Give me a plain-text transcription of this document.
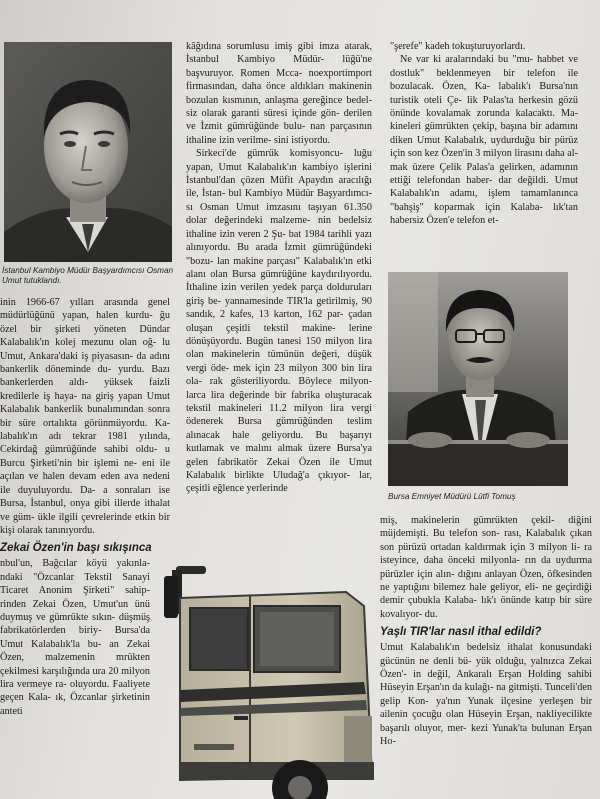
İstanbul Kambiyo Müdür Başyardımcısı Osman Umut tutuklandı.

inin 1966-67 yılları arasında genel müdürlüğünü yapan, halen kurdu- ğu özel bir şirketi yöneten Dündar Kalabalık'ın kolej mezunu olan oğ- lu Umut, Ankara'daki iş piyasasın- da adını bankerlik döneminde du- yurdu. Bazı bankerlerden aldı- yüksek faizli kredilerle iş haya- na giriş yapan Umut Kalabalık bankerlik bunalımından sonra bir süre ortalıkta görünmüyordu. Ka- labalık'ın adı tekrar 1981 yılında, Cekirdağ gümrüğünde sahibi oldu- u Burcu Şirketi'nin bir işlemi ne- eni ile açılan ve halen devam eden ava nedeni ile duyuluyordu. Da- a sonraları ise Bursa, İstanbul, onya gibi illerde ithalat ve güm- ükle ilgili çevrelerinde etkin bir kişi olarak tanınıyordu.

Zekai Özen'in başı sıkışınca

nbul'un, Bağcılar köyü yakınla- ndaki "Özcanlar Tekstil Sanayi Ticaret Anonim Şirketi" sahip- rinden Zekai Özen, Umut'un ünü duymuş ve gümrükte sıkın- düşmüş fabrikatörlerden biriy- Bursa'da Umut Kalabalık'la bu- an Zekai Özen, malzemenin mrükten çekilmesi karşılığında ura 20 milyon lira vermeye ra- oluyordu. Faaliyete geçen Kala- ık, Özcanlar şirketinin anteti

kâğıdına sorumlusu imiş gibi imza atarak, İstanbul Kambiyo Müdür- lüğü'ne başvuruyor. Romen Mcca- noexportimport firmasından, daha önce aldıkları makinenin bozulan kısmının, anlaşma gereğince bedel- siz olarak garanti süresi içinde gön- derilen ve İzmit gümrüğünde bulu- nan parçasının ithaline izin verilme- sini istiyordu.

Sirkeci'de gümrük komisyoncu- luğu yapan, Umut Kalabalık'ın kambiyo işlerini İstanbul'dan çözen Müfit Apaydın aracılığı ile, İstan- bul Kambiyo Müdür Başyardımcı- sı Osman Umut imzasını taşıyan 61.350 dolar değerindeki malzeme- nin bedelsiz ithaline izin veren 2 Şu- bat 1984 tarihli yazı alınıyordu. Bu arada İzmit gümrüğündeki "bozu- lan makine parçası" Kalabalık'ın etki alanı olan Bursa gümrüğüne kaydırılıyordu. İthaline izin verilen yedek parça dolduruları giriş be- yannamesinde TIR'la getirilmiş, 90 sandık, 2 kafes, 13 karton, 162 par- çadan oluşan çeşitli tekstil makine- lerine dönüşüyordu. Bugün tanesi 150 milyon lira olan makinelerin tümünün değeri, düşük vergi öde- mek için 23 milyon 300 bin lira ola- rak gösteriliyordu. Böylece milyon- larca lira değerinde bir fabrika oluşturacak tekstil makineleri 11.2 milyon lira vergi ödenerek Bursa gümrüğünden teslim alınacak hale geliyordu. Bu başarıyı kutlamak ve malını almak üzere Bursa'ya gelen fabrikatör Zekai Özen ile Umut Kalabalık birlikte Uludağ'a çıkıyor- lar, çeşitli eğlence yerlerinde

"şerefe" kadeh tokuşturuyorlardı.

Ne var ki aralarındaki bu "mu- habbet ve dostluk" beklenmeyen bir telefon ile bozulacak. Özen, Ka- labalık'ı Bursa'nın turistik oteli Çe- lik Palas'ta herkesin gözü önünde kovalamak zorunda kalacaktı. Ma- kineleri gümrükten çekip, başına bir adamını diken Umut Kalabalık, uydurduğu bir pürüz için son kez Özen'in 3 milyon lirasını daha al- mak üzere Çelik Palas'a gelirken, adamının ettiği telefondan haber- dar değildi. Umut Kalabalık'ın adamı, işlem tamamlanınca "bahşiş" koparmak için Kalaba- lık'tan habersiz Özen'e telefon et-

Bursa Emniyet Müdürü Lütfi Tomuş

miş, makinelerin gümrükten çekil- diğini müjdemişti. Bu telefon son- rası, Kalabalık çıkan son pürüzü ortadan kaldırmak için 3 milyon li- ra isteyince, daha önceki milyonla- rın da uydurma pürüzler için alın- dığını anlayan Özen, öfkesinden ne yaptığını bilemez hale geliyor, eli- ne geçirdiği demir çubukla Kalaba- lık'ı önünde katıp bir süre kovalıyor- du.

Yaşlı TIR'lar nasıl ithal edildi?

Umut Kalabalık'ın bedelsiz ithalat konusundaki gücünün ne denli bü- yük olduğu, yalnızca Zekai Özen'- in değil, Ankaralı Erşan Holding sahibi Hüseyin Erşan'ın da kulağı- na gitmişti. Tunceli'den gelip Kon- ya'nın Yunak ilçesine yerleşen bir ailenin çocuğu olan Hüseyin Erşan, nakliyecilikte başarılı oluyor, mer- kezi Yunak'ta bulunan Erşan Ho-
